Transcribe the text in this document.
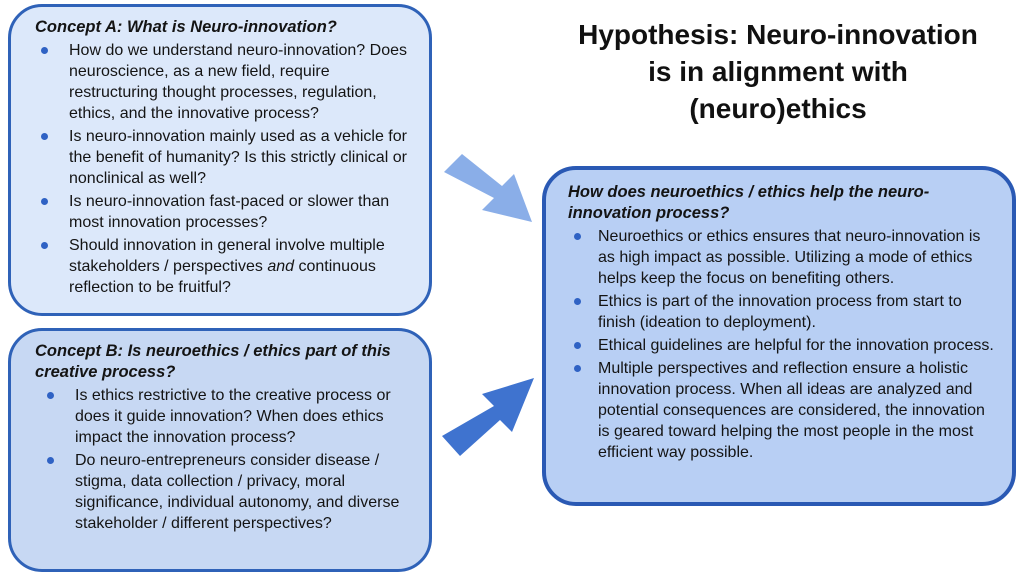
Concept A: What is Neuro-innovation?
How do we understand neuro-innovation? Does neuroscience, as a new field, require restructuring thought processes, regulation, ethics, and the innovative process?
Is neuro-innovation mainly used as a vehicle for the benefit of humanity? Is this strictly clinical or nonclinical as well?
Is neuro-innovation fast-paced or slower than most innovation processes?
Should innovation in general involve multiple stakeholders / perspectives and continuous reflection to be fruitful?
Concept B: Is neuroethics / ethics part of this creative process?
Is ethics restrictive to the creative process or does it guide innovation? When does ethics impact the innovation process?
Do neuro-entrepreneurs consider disease / stigma, data collection / privacy, moral significance, individual autonomy, and diverse stakeholder / different perspectives?
Hypothesis: Neuro-innovation
is in alignment with
(neuro)ethics
How does neuroethics / ethics help the neuro-innovation process?
Neuroethics or ethics ensures that neuro-innovation is as high impact as possible. Utilizing a mode of ethics helps keep the focus on benefiting others.
Ethics is part of the innovation process from start to finish (ideation to deployment).
Ethical guidelines are helpful for the innovation process.
Multiple perspectives and reflection ensure a holistic innovation process. When all ideas are analyzed and potential consequences are considered, the innovation is geared toward helping the most people in the most efficient way possible.
